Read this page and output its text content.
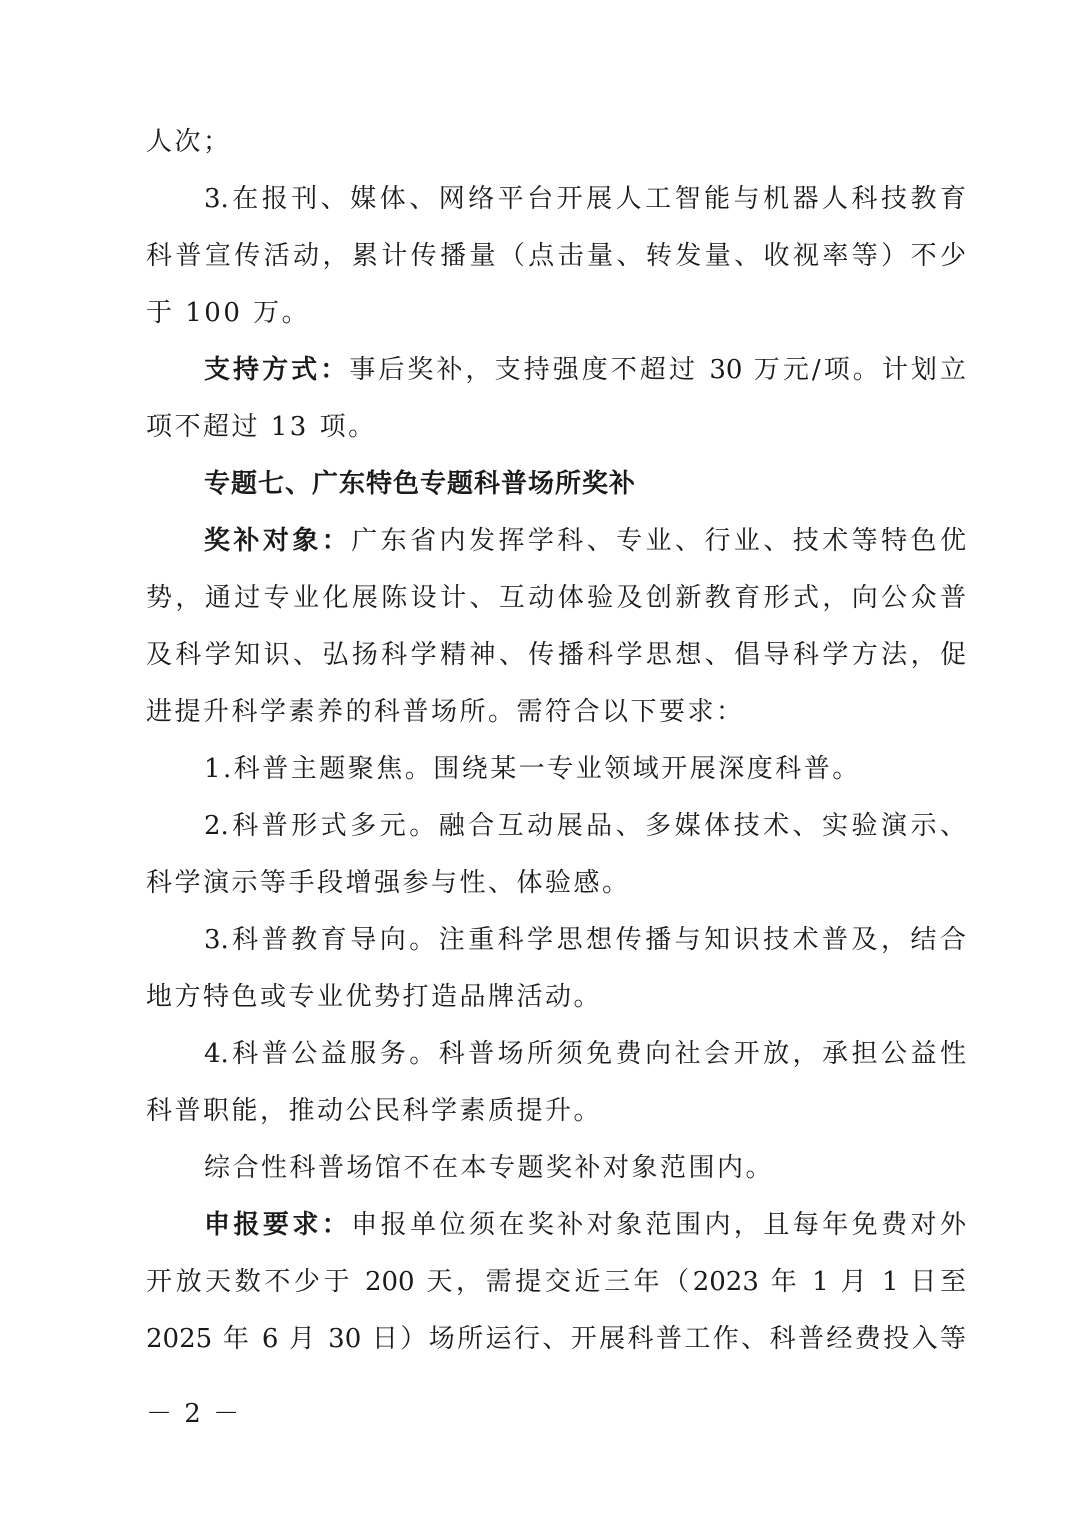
人次；
3.在报刊、媒体、网络平台开展人工智能与机器人科技教育
科普宣传活动，累计传播量（点击量、转发量、收视率等）不少
于 100 万。
支持方式：事后奖补，支持强度不超过 30 万元/项。计划立
项不超过 13 项。
专题七、广东特色专题科普场所奖补
奖补对象：广东省内发挥学科、专业、行业、技术等特色优
势，通过专业化展陈设计、互动体验及创新教育形式，向公众普
及科学知识、弘扬科学精神、传播科学思想、倡导科学方法，促
进提升科学素养的科普场所。需符合以下要求：
1.科普主题聚焦。围绕某一专业领域开展深度科普。
2.科普形式多元。融合互动展品、多媒体技术、实验演示、
科学演示等手段增强参与性、体验感。
3.科普教育导向。注重科学思想传播与知识技术普及，结合
地方特色或专业优势打造品牌活动。
4.科普公益服务。科普场所须免费向社会开放，承担公益性
科普职能，推动公民科学素质提升。
综合性科普场馆不在本专题奖补对象范围内。
申报要求：申报单位须在奖补对象范围内，且每年免费对外
开放天数不少于 200 天，需提交近三年（2023 年 1 月 1 日至
2025 年 6 月 30 日）场所运行、开展科普工作、科普经费投入等
－ 2 －
